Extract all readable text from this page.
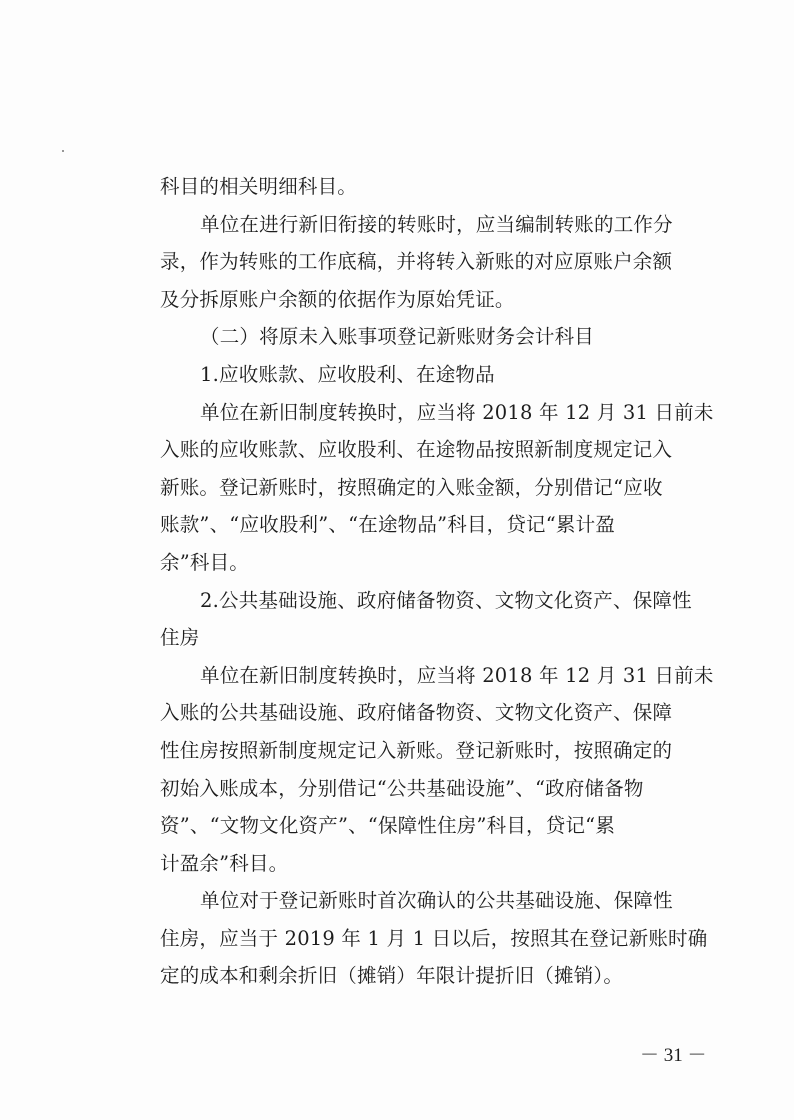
科目的相关明细科目。
单位在进行新旧衔接的转账时，应当编制转账的工作分
录，作为转账的工作底稿，并将转入新账的对应原账户余额
及分拆原账户余额的依据作为原始凭证。
（二）将原未入账事项登记新账财务会计科目
1.应收账款、应收股利、在途物品
单位在新旧制度转换时，应当将 2018 年 12 月 31 日前未
入账的应收账款、应收股利、在途物品按照新制度规定记入
新账。登记新账时，按照确定的入账金额，分别借记“应收
账款”、“应收股利”、“在途物品”科目，贷记“累计盈
余”科目。
2.公共基础设施、政府储备物资、文物文化资产、保障性
住房
单位在新旧制度转换时，应当将 2018 年 12 月 31 日前未
入账的公共基础设施、政府储备物资、文物文化资产、保障
性住房按照新制度规定记入新账。登记新账时，按照确定的
初始入账成本，分别借记“公共基础设施”、“政府储备物
资”、“文物文化资产”、“保障性住房”科目，贷记“累
计盈余”科目。
单位对于登记新账时首次确认的公共基础设施、保障性
住房，应当于 2019 年 1 月 1 日以后，按照其在登记新账时确
定的成本和剩余折旧（摊销）年限计提折旧（摊销）。
－ 31 －
